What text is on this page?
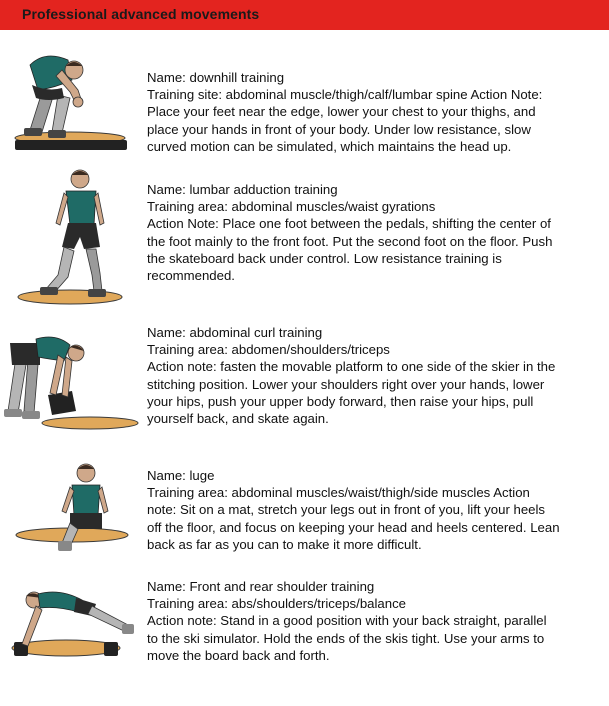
Professional advanced movements
Name: downhill training
Training site: abdominal muscle/thigh/calf/lumbar spine Action Note:
Place your feet near the edge, lower your chest to your thighs, and
place your hands in front of your body. Under low resistance, slow
curved motion can be simulated, which maintains the head up.
Name: lumbar adduction training
Training area: abdominal muscles/waist gyrations
Action Note: Place one foot between the pedals, shifting the center of
the foot mainly to the front foot. Put the second foot on the floor. Push
the skateboard back under control. Low resistance training is
recommended.
Name: abdominal curl training
Training area: abdomen/shoulders/triceps
Action note: fasten the movable platform to one side of the skier in the
stitching position. Lower your shoulders right over your hands, lower
your hips, push your upper body forward, then raise your hips, pull
yourself back, and skate again.
Name: luge
Training area: abdominal muscles/waist/thigh/side muscles Action
note: Sit on a mat, stretch your legs out in front of you, lift your heels
off the floor, and focus on keeping your head and heels centered. Lean
back as far as you can to make it more difficult.
Name: Front and rear shoulder training
Training area: abs/shoulders/triceps/balance
Action note: Stand in a good position with your back straight, parallel
to the ski simulator. Hold the ends of the skis tight. Use your arms to
move the board back and forth.
